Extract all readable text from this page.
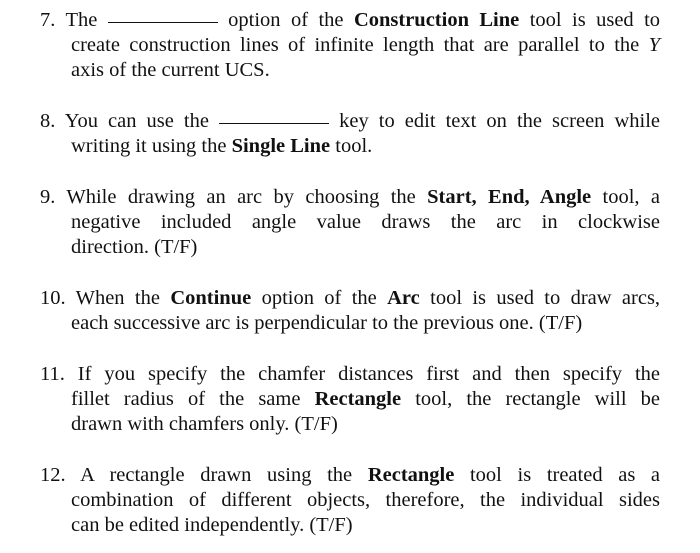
7. The	option of the Construction Line tool is used to
create construction lines of infinite length that are parallel to the Y
axis of the current UCS.
8. You can use the	key to edit text on the screen while
writing it using the Single Line tool.
9. While drawing an arc by choosing the Start, End, Angle tool, a
negative included angle value draws the arc in clockwise
direction. (T/F)
10. When the Continue option of the Arc tool is used to draw arcs,
each successive arc is perpendicular to the previous one. (T/F)
11. If you specify the chamfer distances first and then specify the
fillet radius of the same Rectangle tool, the rectangle will be
drawn with chamfers only. (T/F)
12. A rectangle drawn using the Rectangle tool is treated as a
combination of different objects, therefore, the individual sides
can be edited independently. (T/F)
